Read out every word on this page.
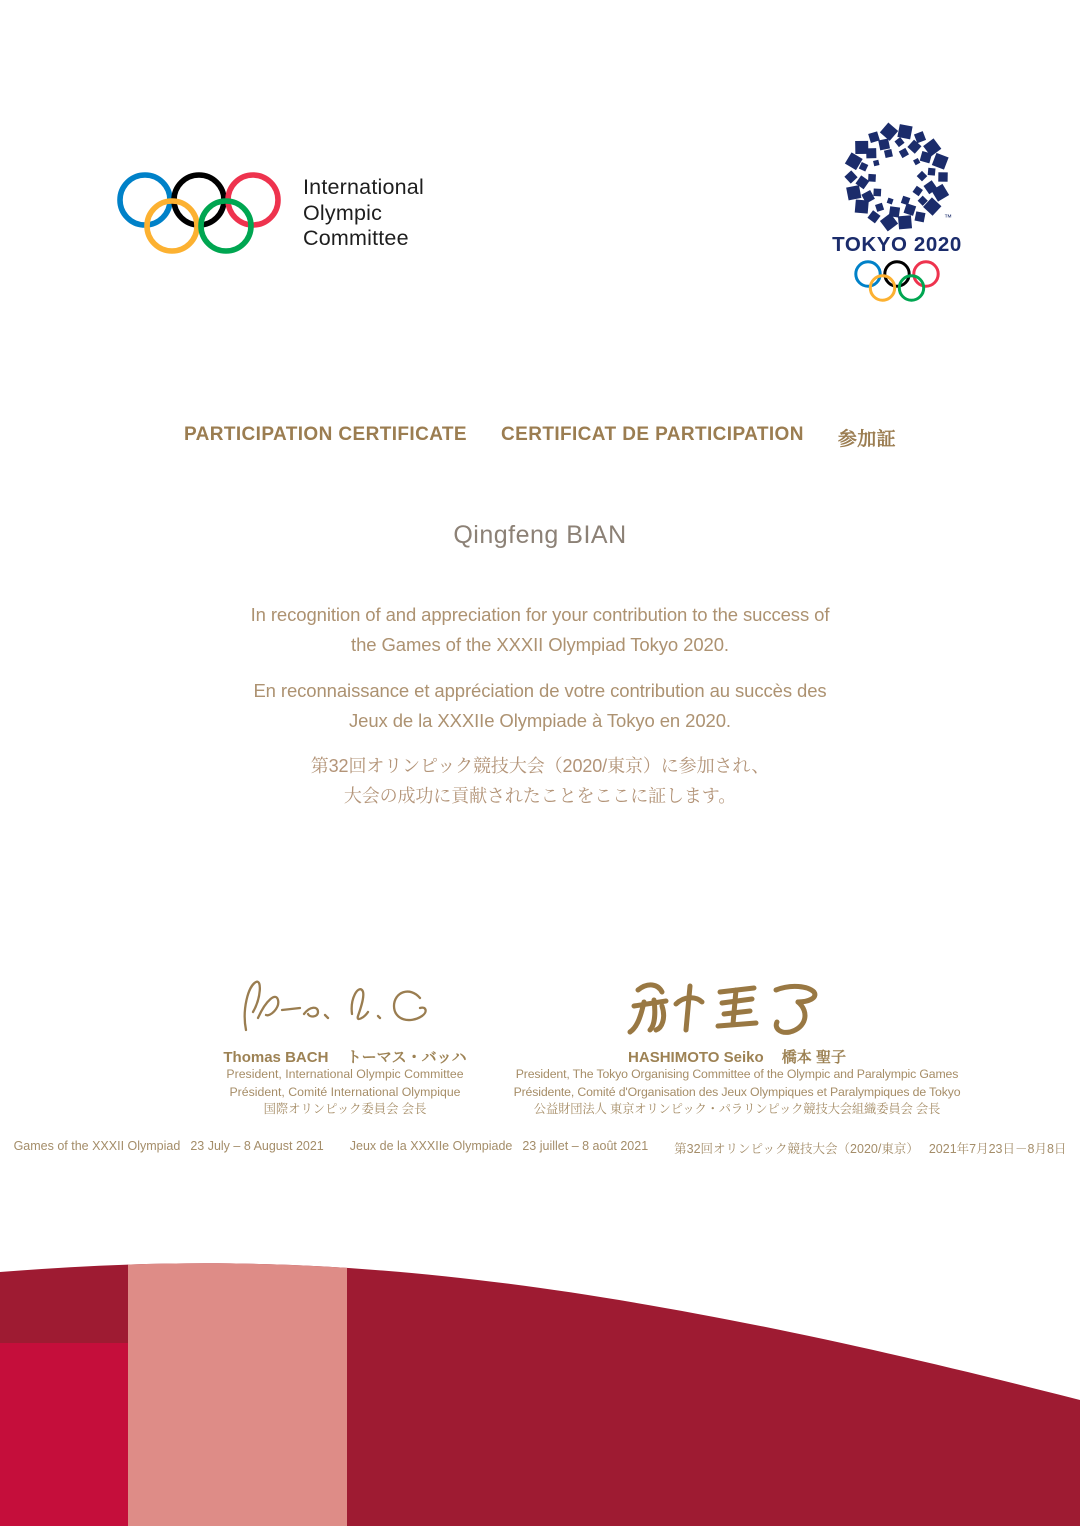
International
Olympic
Committee
™
TOKYO 2020
PARTICIPATION CERTIFICATE CERTIFICAT DE PARTICIPATION 参加証
Qingfeng BIAN
In recognition of and appreciation for your contribution to the success of
the Games of the XXXII Olympiad Tokyo 2020.
En reconnaissance et appréciation de votre contribution au succès des
Jeux de la XXXIIe Olympiade à Tokyo en 2020.
第32回オリンピック競技大会（2020/東京）に参加され、
大会の成功に貢献されたことをここに証します。
Thomas BACH トーマス・バッハ
President, International Olympic Committee
Président, Comité International Olympique
国際オリンピック委員会 会長
HASHIMOTO Seiko 橋本 聖子
President, The Tokyo Organising Committee of the Olympic and Paralympic Games
Présidente, Comité d'Organisation des Jeux Olympiques et Paralympiques de Tokyo
公益財団法人 東京オリンピック・パラリンピック競技大会組織委員会 会長
Games of the XXXII Olympiad 23 July – 8 August 2021 Jeux de la XXXIIe Olympiade 23 juillet – 8 août 2021 第32回オリンピック競技大会（2020/東京） 2021年7月23日－8月8日
